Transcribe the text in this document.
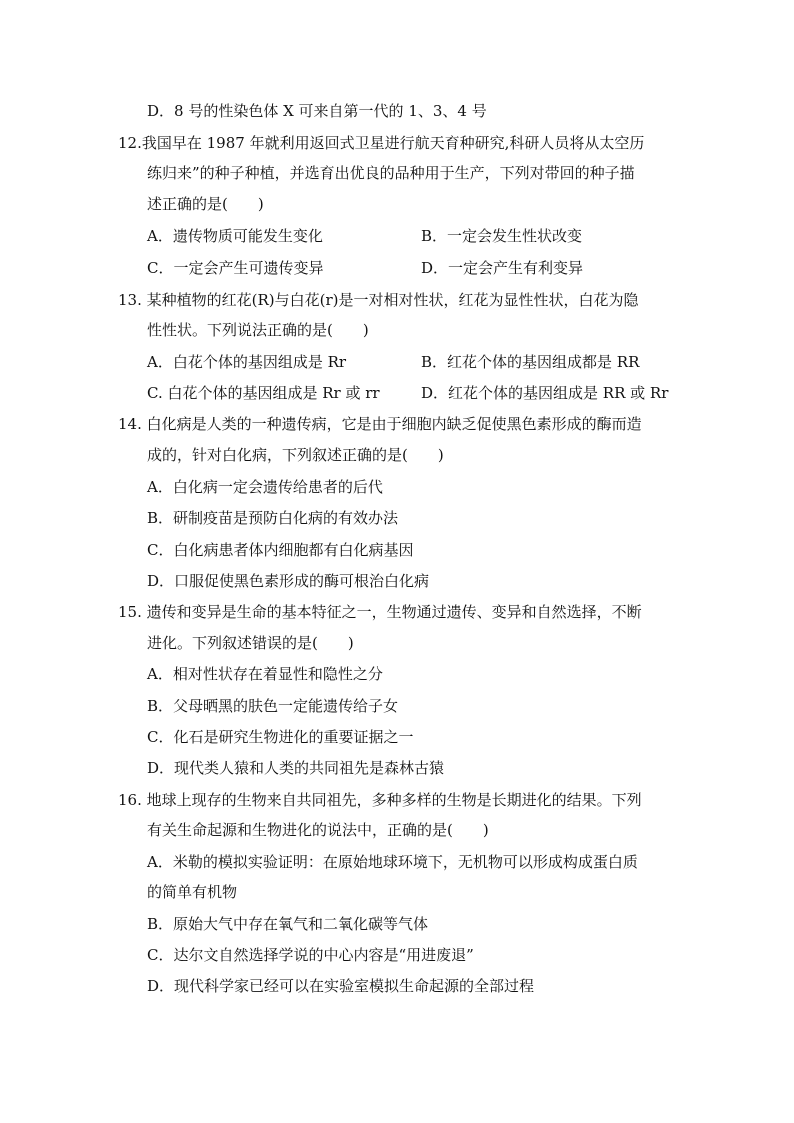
D．8 号的性染色体 X 可来自第一代的 1、3、4 号
12.我国早在 1987 年就利用返回式卫星进行航天育种研究,科研人员将从太空历
练归来”的种子种植，并选育出优良的品种用于生产，下列对带回的种子描
述正确的是(　　)
A．遗传物质可能发生变化	B．一定会发生性状改变
C．一定会产生可遗传变异	D．一定会产生有利变异
13. 某种植物的红花(R)与白花(r)是一对相对性状，红花为显性性状，白花为隐
性性状。下列说法正确的是(　　)
A．白花个体的基因组成是 Rr	B．红花个体的基因组成都是 RR
C. 白花个体的基因组成是 Rr 或 rr	D．红花个体的基因组成是 RR 或 Rr
14. 白化病是人类的一种遗传病，它是由于细胞内缺乏促使黑色素形成的酶而造
成的，针对白化病，下列叙述正确的是(　　)
A．白化病一定会遗传给患者的后代
B．研制疫苗是预防白化病的有效办法
C．白化病患者体内细胞都有白化病基因
D．口服促使黑色素形成的酶可根治白化病
15. 遗传和变异是生命的基本特征之一，生物通过遗传、变异和自然选择，不断
进化。下列叙述错误的是(　　)
A．相对性状存在着显性和隐性之分
B．父母晒黑的肤色一定能遗传给子女
C．化石是研究生物进化的重要证据之一
D．现代类人猿和人类的共同祖先是森林古猿
16. 地球上现存的生物来自共同祖先，多种多样的生物是长期进化的结果。下列
有关生命起源和生物进化的说法中，正确的是(　　)
A．米勒的模拟实验证明：在原始地球环境下，无机物可以形成构成蛋白质
的简单有机物
B．原始大气中存在氧气和二氧化碳等气体
C．达尔文自然选择学说的中心内容是“用进废退”
D．现代科学家已经可以在实验室模拟生命起源的全部过程
